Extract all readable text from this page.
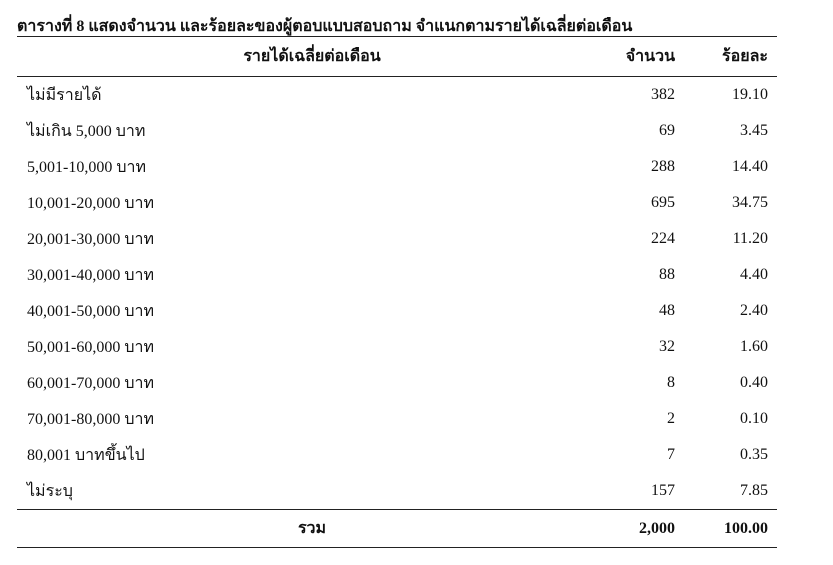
ตารางที่ 8 แสดงจำนวน และร้อยละของผู้ตอบแบบสอบถาม จำแนกตามรายได้เฉลี่ยต่อเดือน
รายได้เฉลี่ยต่อเดือน	จำนวน	ร้อยละ
ไม่มีรายได้	382	19.10
ไม่เกิน 5,000 บาท	69	3.45
5,001-10,000 บาท	288	14.40
10,001-20,000 บาท	695	34.75
20,001-30,000 บาท	224	11.20
30,001-40,000 บาท	88	4.40
40,001-50,000 บาท	48	2.40
50,001-60,000 บาท	32	1.60
60,001-70,000 บาท	8	0.40
70,001-80,000 บาท	2	0.10
80,001 บาทขึ้นไป	7	0.35
ไม่ระบุ	157	7.85
รวม	2,000	100.00
